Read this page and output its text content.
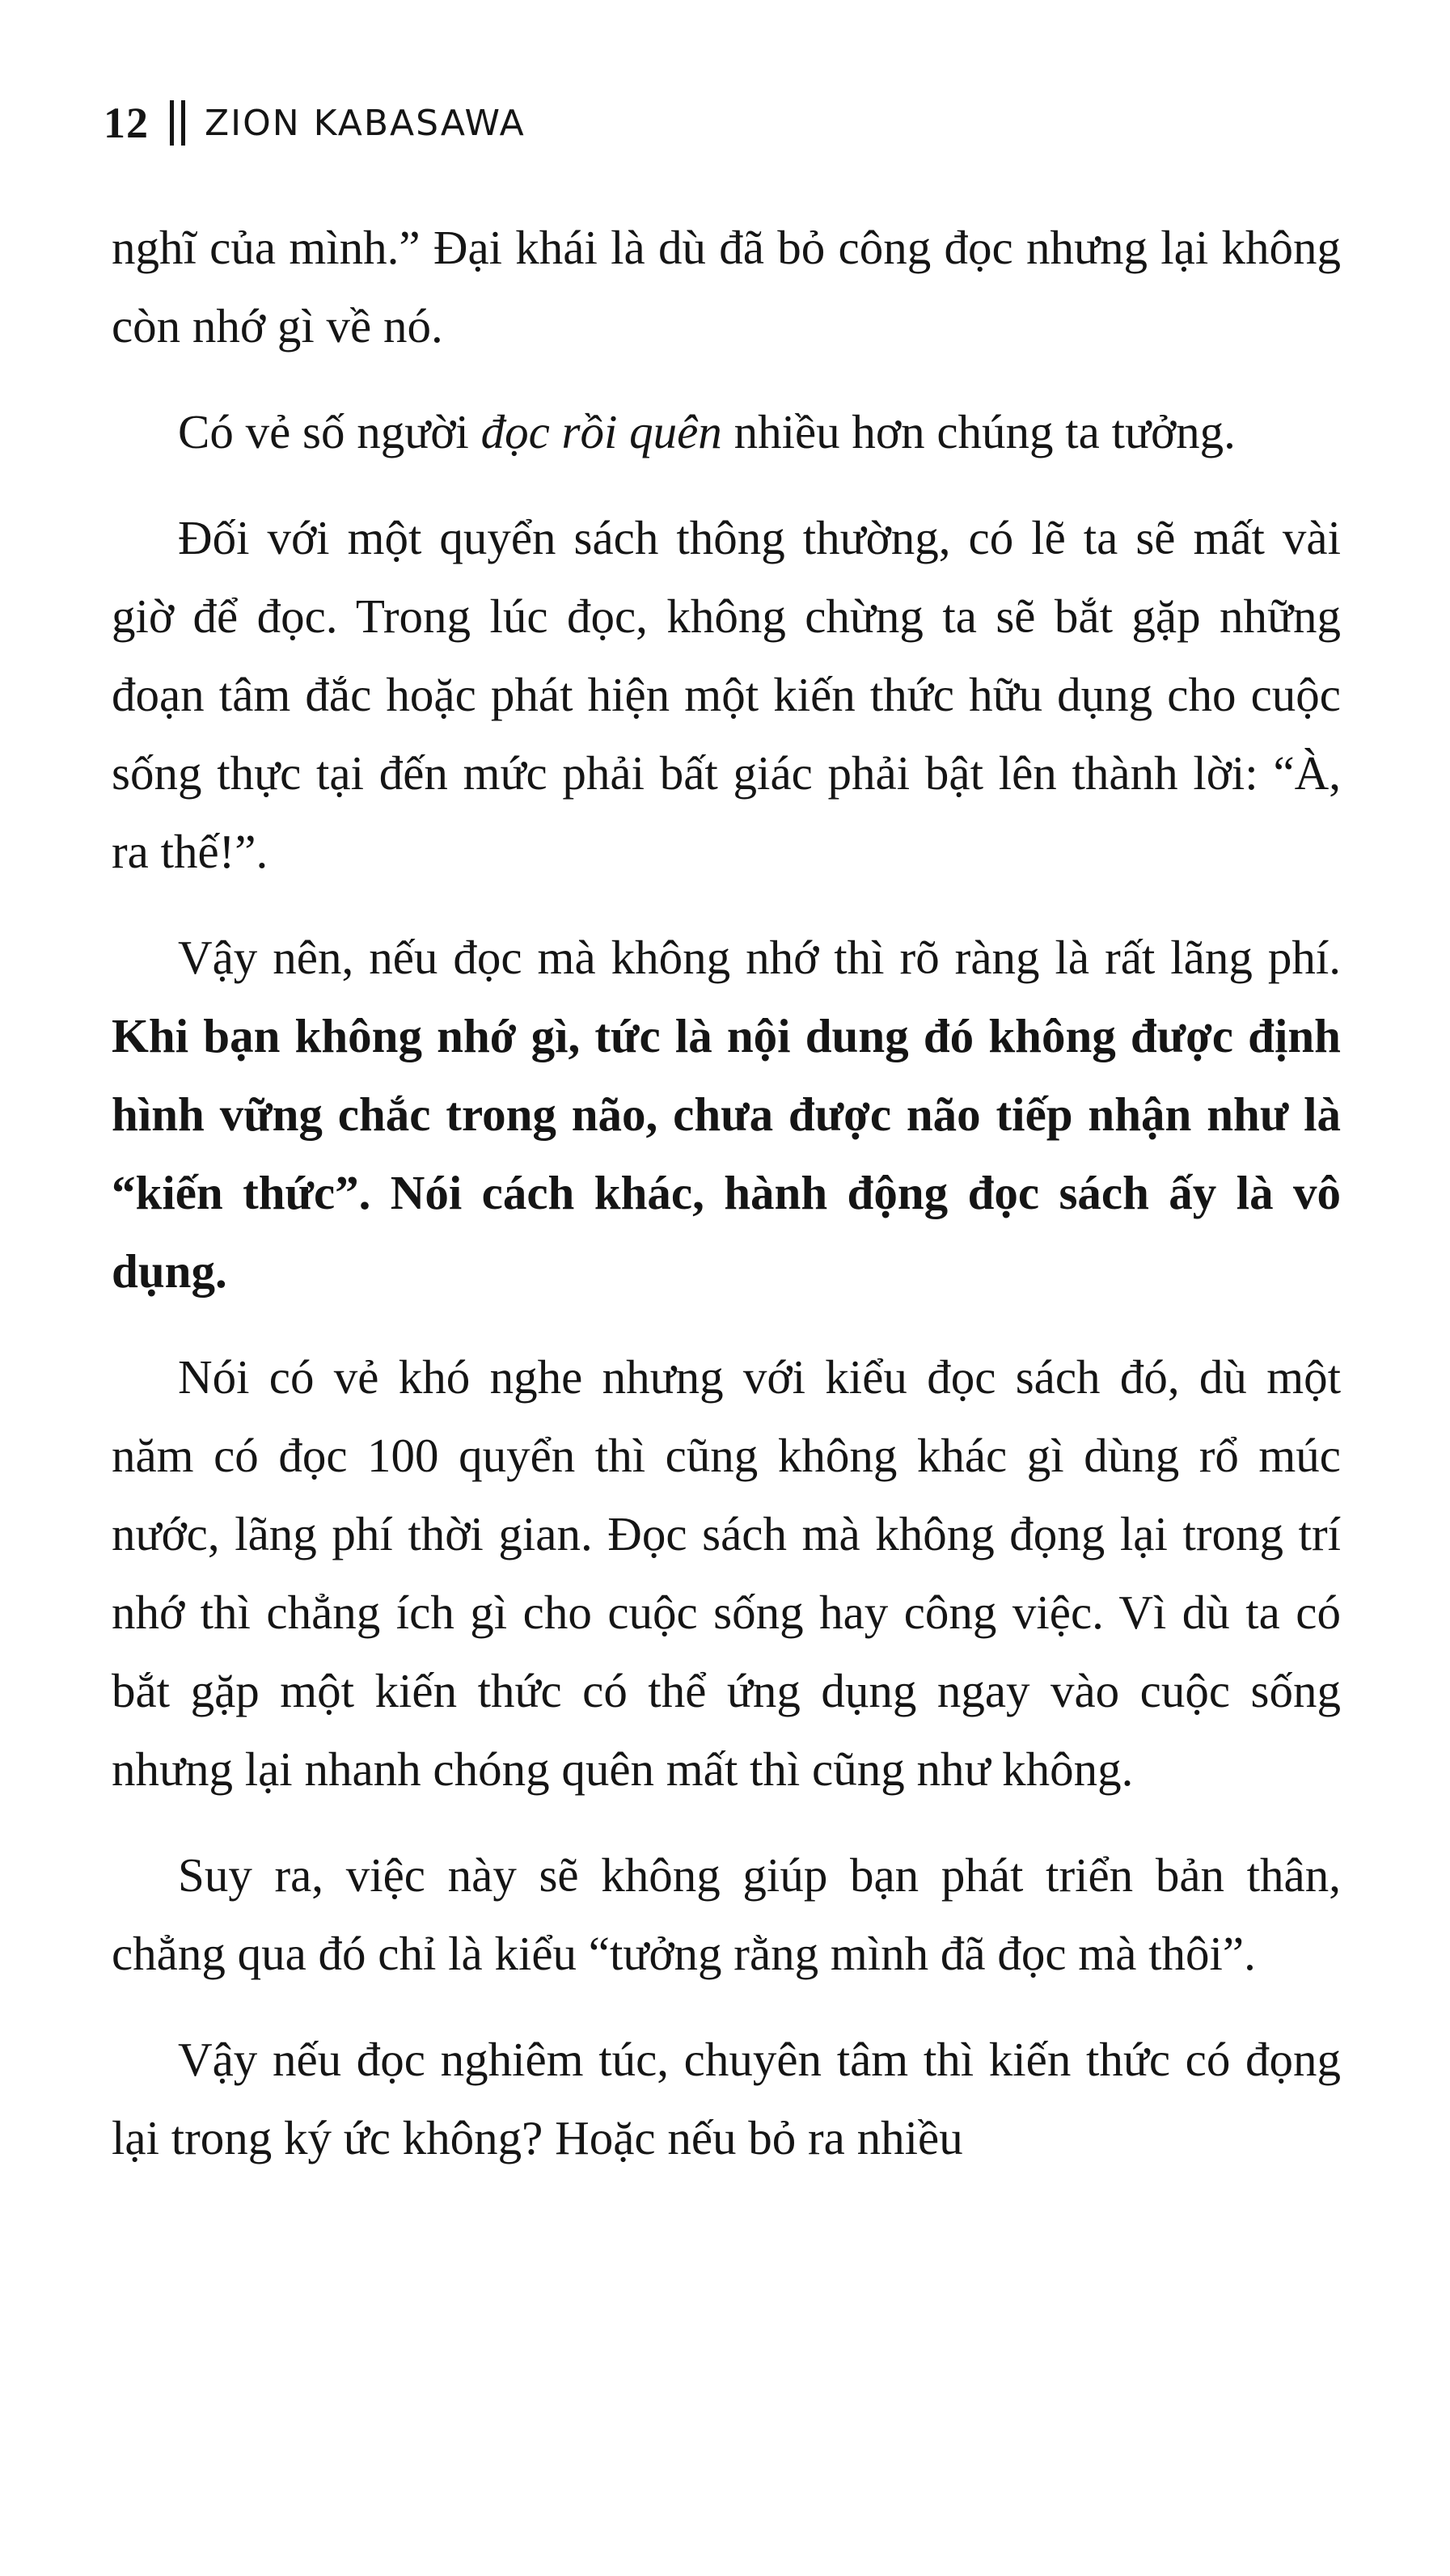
12 ZION KABASAWA

nghĩ của mình.” Đại khái là dù đã bỏ công đọc nhưng lại không còn nhớ gì về nó.

Có vẻ số người đọc rồi quên nhiều hơn chúng ta tưởng.

Đối với một quyển sách thông thường, có lẽ ta sẽ mất vài giờ để đọc. Trong lúc đọc, không chừng ta sẽ bắt gặp những đoạn tâm đắc hoặc phát hiện một kiến thức hữu dụng cho cuộc sống thực tại đến mức phải bất giác phải bật lên thành lời: “À, ra thế!”.

Vậy nên, nếu đọc mà không nhớ thì rõ ràng là rất lãng phí. Khi bạn không nhớ gì, tức là nội dung đó không được định hình vững chắc trong não, chưa được não tiếp nhận như là “kiến thức”. Nói cách khác, hành động đọc sách ấy là vô dụng.

Nói có vẻ khó nghe nhưng với kiểu đọc sách đó, dù một năm có đọc 100 quyển thì cũng không khác gì dùng rổ múc nước, lãng phí thời gian. Đọc sách mà không đọng lại trong trí nhớ thì chẳng ích gì cho cuộc sống hay công việc. Vì dù ta có bắt gặp một kiến thức có thể ứng dụng ngay vào cuộc sống nhưng lại nhanh chóng quên mất thì cũng như không.

Suy ra, việc này sẽ không giúp bạn phát triển bản thân, chẳng qua đó chỉ là kiểu “tưởng rằng mình đã đọc mà thôi”.

Vậy nếu đọc nghiêm túc, chuyên tâm thì kiến thức có đọng lại trong ký ức không? Hoặc nếu bỏ ra nhiều
